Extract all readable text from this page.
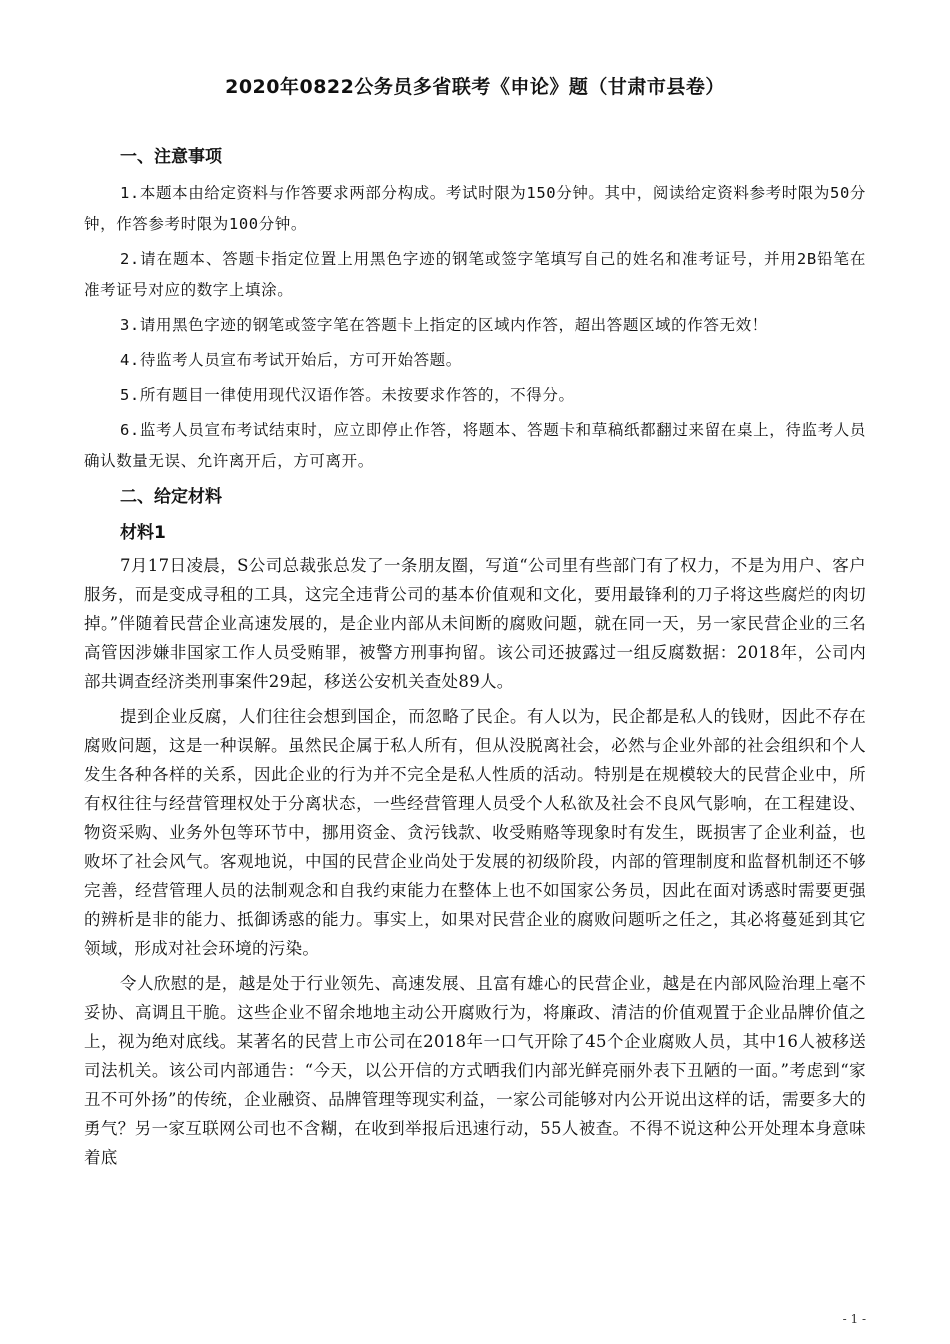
2020年0822公务员多省联考《申论》题（甘肃市县卷）
一、注意事项

1.本题本由给定资料与作答要求两部分构成。考试时限为150分钟。其中，阅读给定资料参考时限为50分钟，作答参考时限为100分钟。

2.请在题本、答题卡指定位置上用黑色字迹的钢笔或签字笔填写自己的姓名和准考证号，并用2B铅笔在准考证号对应的数字上填涂。

3.请用黑色字迹的钢笔或签字笔在答题卡上指定的区域内作答，超出答题区域的作答无效！

4.待监考人员宣布考试开始后，方可开始答题。

5.所有题目一律使用现代汉语作答。未按要求作答的，不得分。

6.监考人员宣布考试结束时，应立即停止作答，将题本、答题卡和草稿纸都翻过来留在桌上，待监考人员确认数量无误、允许离开后，方可离开。

二、给定材料
材料1

7月17日凌晨，S公司总裁张总发了一条朋友圈，写道“公司里有些部门有了权力，不是为用户、客户服务，而是变成寻租的工具，这完全违背公司的基本价值观和文化，要用最锋利的刀子将这些腐烂的肉切掉。”伴随着民营企业高速发展的，是企业内部从未间断的腐败问题，就在同一天，另一家民营企业的三名高管因涉嫌非国家工作人员受贿罪，被警方刑事拘留。该公司还披露过一组反腐数据：2018年，公司内部共调查经济类刑事案件29起，移送公安机关查处89人。

提到企业反腐，人们往往会想到国企，而忽略了民企。有人以为，民企都是私人的钱财，因此不存在腐败问题，这是一种误解。虽然民企属于私人所有，但从没脱离社会，必然与企业外部的社会组织和个人发生各种各样的关系，因此企业的行为并不完全是私人性质的活动。特别是在规模较大的民营企业中，所有权往往与经营管理权处于分离状态，一些经营管理人员受个人私欲及社会不良风气影响，在工程建设、物资采购、业务外包等环节中，挪用资金、贪污钱款、收受贿赂等现象时有发生，既损害了企业利益，也败坏了社会风气。客观地说，中国的民营企业尚处于发展的初级阶段，内部的管理制度和监督机制还不够完善，经营管理人员的法制观念和自我约束能力在整体上也不如国家公务员，因此在面对诱惑时需要更强的辨析是非的能力、抵御诱惑的能力。事实上，如果对民营企业的腐败问题听之任之，其必将蔓延到其它领域，形成对社会环境的污染。

令人欣慰的是，越是处于行业领先、高速发展、且富有雄心的民营企业，越是在内部风险治理上毫不妥协、高调且干脆。这些企业不留余地地主动公开腐败行为，将廉政、清洁的价值观置于企业品牌价值之上，视为绝对底线。某著名的民营上市公司在2018年一口气开除了45个企业腐败人员，其中16人被移送司法机关。该公司内部通告：“今天，以公开信的方式晒我们内部光鲜亮丽外表下丑陋的一面。”考虑到“家丑不可外扬”的传统，企业融资、品牌管理等现实利益，一家公司能够对内公开说出这样的话，需要多大的勇气？另一家互联网公司也不含糊，在收到举报后迅速行动，55人被查。不得不说这种公开处理本身意味着底

- 1 -
